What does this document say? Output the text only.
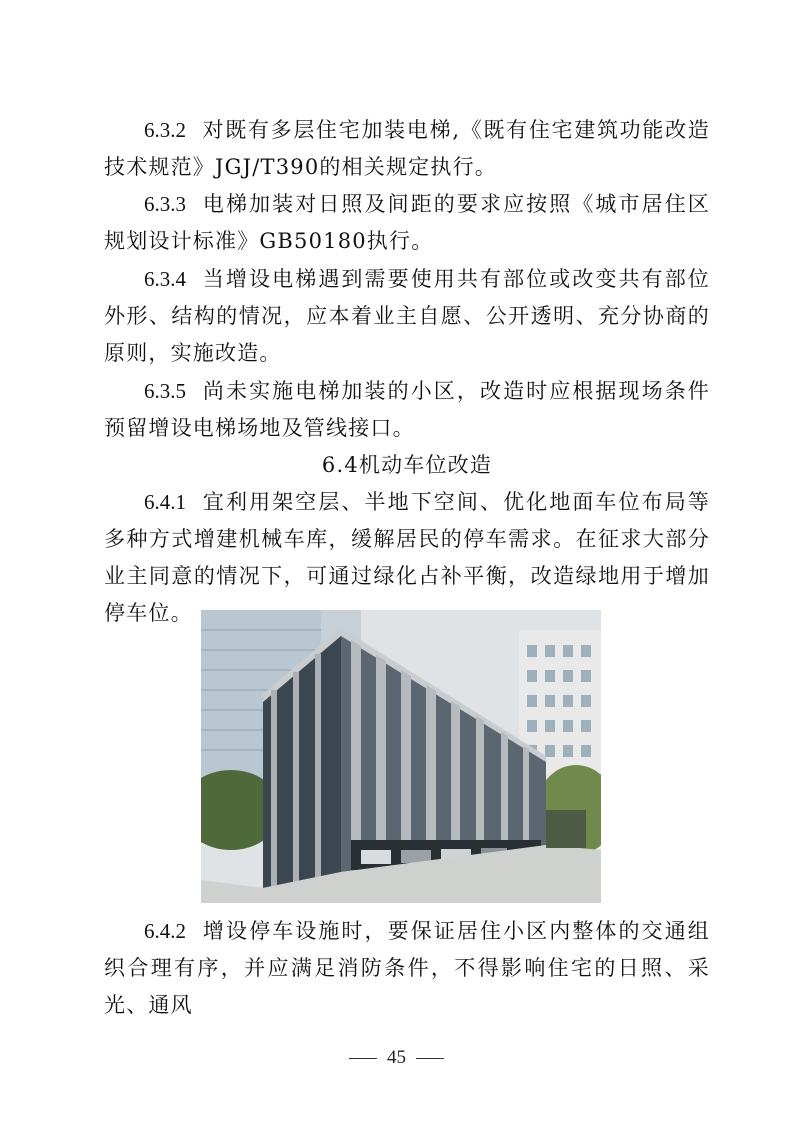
6.3.2 对既有多层住宅加装电梯,《既有住宅建筑功能改造技术规范》JGJ/T390的相关规定执行。

6.3.3 电梯加装对日照及间距的要求应按照《城市居住区规划设计标准》GB50180执行。

6.3.4 当增设电梯遇到需要使用共有部位或改变共有部位外形、结构的情况，应本着业主自愿、公开透明、充分协商的原则，实施改造。

6.3.5 尚未实施电梯加装的小区，改造时应根据现场条件预留增设电梯场地及管线接口。

6.4机动车位改造

6.4.1 宜利用架空层、半地下空间、优化地面车位布局等多种方式增建机械车库，缓解居民的停车需求。在征求大部分业主同意的情况下，可通过绿化占补平衡，改造绿地用于增加停车位。

6.4.2 增设停车设施时，要保证居住小区内整体的交通组织合理有序，并应满足消防条件，不得影响住宅的日照、采光、通风

45
